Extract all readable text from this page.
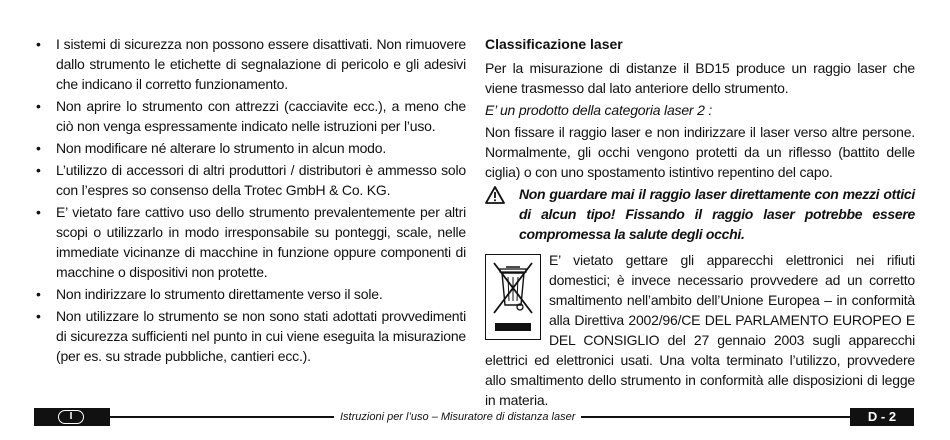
• I sistemi di sicurezza non possono essere disattivati. Non rimuovere dallo strumento le etichette di segnalazione di pericolo e gli adesivi che indicano il corretto funzionamento.
• Non aprire lo strumento con attrezzi (cacciavite ecc.), a meno che ciò non venga espressamente indicato nelle istruzioni per l’uso.
• Non modificare né alterare lo strumento in alcun modo.
• L’utilizzo di accessori di altri produttori / distributori è ammesso solo con l’espres so consenso della Trotec GmbH & Co. KG.
• E’ vietato fare cattivo uso dello strumento prevalentemente per altri scopi o utilizzarlo in modo irresponsabile su ponteggi, scale, nelle immediate vicinanze di macchine in funzione oppure componenti di macchine o dispositivi non protette.
• Non indirizzare lo strumento direttamente verso il sole.
• Non utilizzare lo strumento se non sono stati adottati provvedimenti di sicurezza sufficienti nel punto in cui viene eseguita la misurazione (per es. su strade pubbliche, cantieri ecc.).
Classificazione laser

Per la misurazione di distanze il BD15 produce un raggio laser che viene trasmesso dal lato anteriore dello strumento.

E’ un prodotto della categoria laser 2 :

Non fissare il raggio laser e non indirizzare il laser verso altre persone. Normalmente, gli occhi vengono protetti da un riflesso (battito delle ciglia) o con uno spostamento istintivo repentino del capo.

Non guardare mai il raggio laser direttamente con mezzi ottici di alcun tipo! Fissando il raggio laser potrebbe essere compromessa la salute degli occhi.
E’ vietato gettare gli apparecchi elettronici nei rifiuti domestici; è invece necessario provvedere ad un corretto smaltimento nell’ambito dell’Unione Europea – in conformità alla Direttiva 2002/96/CE DEL PARLAMENTO EUROPEO E DEL CONSIGLIO del 27 gennaio 2003 sugli apparecchi elettrici ed elettronici usati. Una volta terminato l’utilizzo, provvedere allo smaltimento dello strumento in conformità alle disposizioni di legge in materia.
I	Istruzioni per l’uso – Misuratore di distanza laser	D - 2
